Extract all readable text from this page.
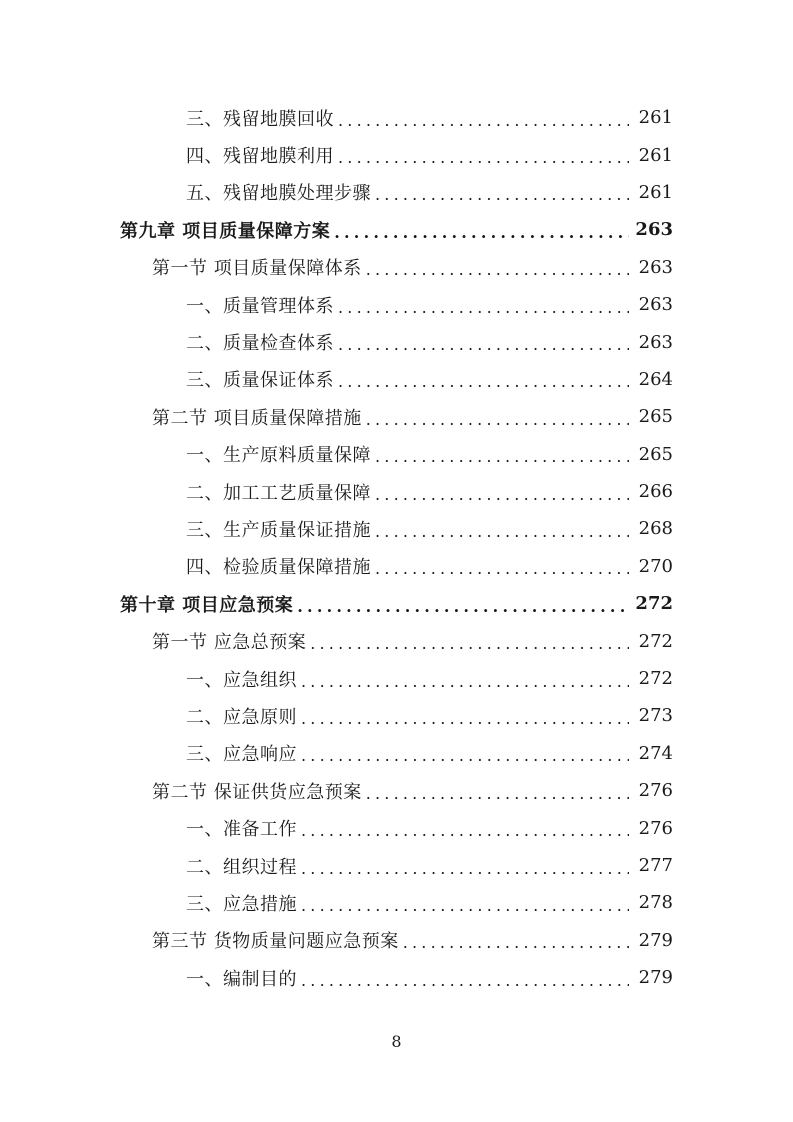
三、残留地膜回收 .....	261
四、残留地膜利用 .....	261
五、残留地膜处理步骤 .....	261
第九章 项目质量保障方案 .....	263
第一节 项目质量保障体系 .....	263
一、质量管理体系 .....	263
二、质量检查体系 .....	263
三、质量保证体系 .....	264
第二节 项目质量保障措施 .....	265
一、生产原料质量保障 .....	265
二、加工工艺质量保障 .....	266
三、生产质量保证措施 .....	268
四、检验质量保障措施 .....	270
第十章 项目应急预案 .....	272
第一节 应急总预案 .....	272
一、应急组织 .....	272
二、应急原则 .....	273
三、应急响应 .....	274
第二节 保证供货应急预案 .....	276
一、准备工作 .....	276
二、组织过程 .....	277
三、应急措施 .....	278
第三节 货物质量问题应急预案 .....	279
一、编制目的 .....	279
8
